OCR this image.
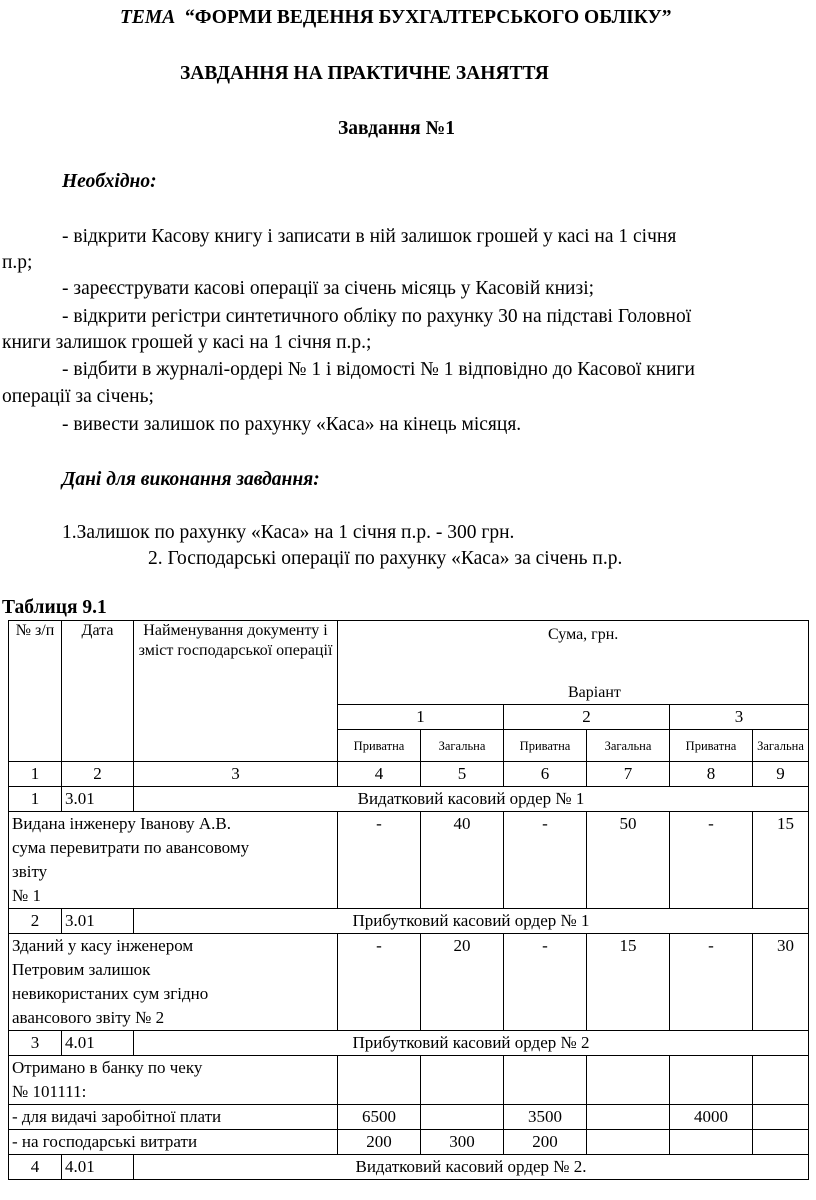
ТЕМА “ФОРМИ ВЕДЕННЯ БУХГАЛТЕРСЬКОГО ОБЛІКУ”
ЗАВДАННЯ НА ПРАКТИЧНЕ ЗАНЯТТЯ
Завдання №1
Необхідно:
- відкрити Касову книгу і записати в ній залишок грошей у касі на 1 січня
п.р;
- зареєструвати касові операції за січень місяць у Касовій книзі;
- відкрити регістри синтетичного обліку по рахунку 30 на підставі Головної
книги залишок грошей у касі на 1 січня п.р.;
- відбити в журналі-ордері № 1 і відомості № 1 відповідно до Касової книги
операції за січень;
- вивести залишок по рахунку «Каса» на кінець місяця.
Дані для виконання завдання:
1.Залишок по рахунку «Каса» на 1 січня п.р. - 300 грн.
2. Господарські операції по рахунку «Каса» за січень п.р.
Таблиця 9.1
№ з/п	Дата	Найменування документу і зміст господарської операції	Сума, грн.
Варіант					

			1		2		3	
			Приватна	Загальна	Приватна	Загальна	Приватна	Загальна
1	2	3	4	5	6	7	8	9
1	3.01	Видатковий касовий ордер № 1						

Видана інженеру Іванову А.В.
сума перевитрати по авансовому
звіту
№ 1			-	40	-	50	-	15
2	3.01	Прибутковий касовий ордер № 1						

Зданий у касу інженером
Петровим залишок
невикористаних сум згідно
авансового звіту № 2			-	20	-	15	-	30
3	4.01	Прибутковий касовий ордер № 2						

Отримано в банку по чеку
№ 101111:								

- для видачі заробітної плати			6500		3500		4000	

- на господарські витрати			200	300	200			
4	4.01	Видатковий касовий ордер № 2.						
